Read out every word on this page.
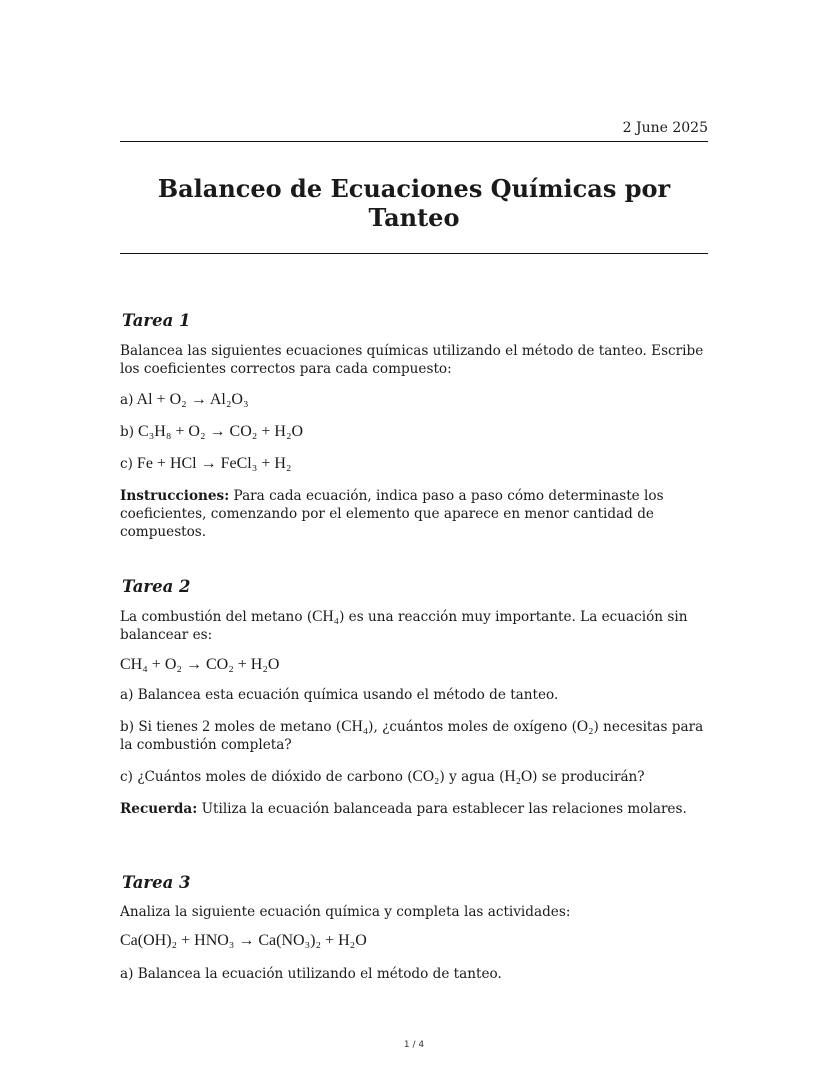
2 June 2025
Balanceo de Ecuaciones Químicas por Tanteo
Tarea 1
Balancea las siguientes ecuaciones químicas utilizando el método de tanteo. Escribe los coeficientes correctos para cada compuesto:
a) Al + O₂ → Al₂O₃
b) C₃H₈ + O₂ → CO₂ + H₂O
c) Fe + HCl → FeCl₃ + H₂
Instrucciones: Para cada ecuación, indica paso a paso cómo determinaste los coeficientes, comenzando por el elemento que aparece en menor cantidad de compuestos.
Tarea 2
La combustión del metano (CH₄) es una reacción muy importante. La ecuación sin balancear es:
CH₄ + O₂ → CO₂ + H₂O
a) Balancea esta ecuación química usando el método de tanteo.
b) Si tienes 2 moles de metano (CH₄), ¿cuántos moles de oxígeno (O₂) necesitas para la combustión completa?
c) ¿Cuántos moles de dióxido de carbono (CO₂) y agua (H₂O) se producirán?
Recuerda: Utiliza la ecuación balanceada para establecer las relaciones molares.
Tarea 3
Analiza la siguiente ecuación química y completa las actividades:
Ca(OH)₂ + HNO₃ → Ca(NO₃)₂ + H₂O
a) Balancea la ecuación utilizando el método de tanteo.
1 / 4
